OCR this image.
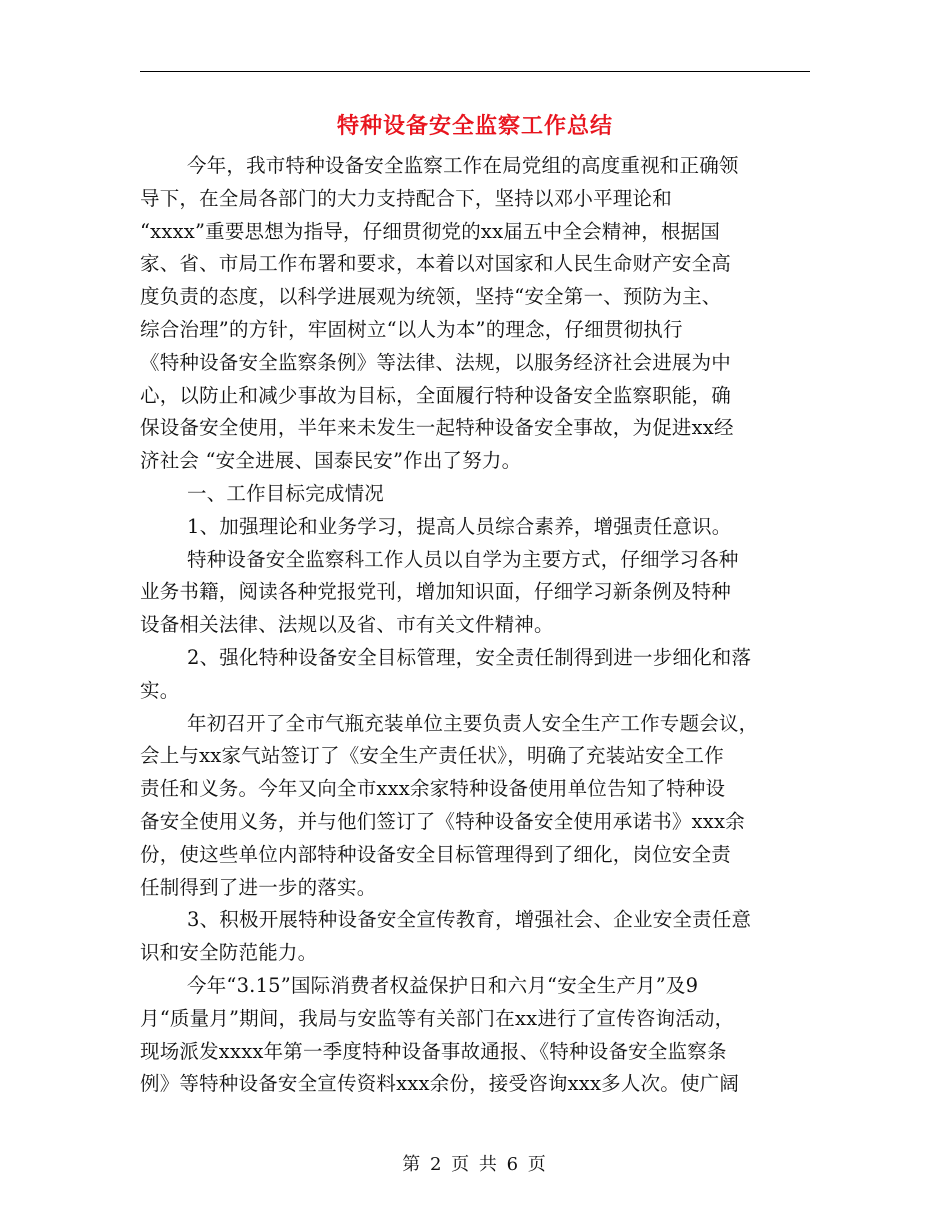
特种设备安全监察工作总结
今年，我市特种设备安全监察工作在局党组的高度重视和正确领
导下，在全局各部门的大力支持配合下，坚持以邓小平理论和
“xxxx”重要思想为指导，仔细贯彻党的xx届五中全会精神，根据国
家、省、市局工作布署和要求，本着以对国家和人民生命财产安全高
度负责的态度，以科学进展观为统领，坚持“安全第一、预防为主、
综合治理”的方针，牢固树立“以人为本”的理念，仔细贯彻执行
《特种设备安全监察条例》等法律、法规，以服务经济社会进展为中
心，以防止和减少事故为目标，全面履行特种设备安全监察职能，确
保设备安全使用，半年来未发生一起特种设备安全事故，为促进xx经
济社会 “安全进展、国泰民安”作出了努力。
一、工作目标完成情况
1、加强理论和业务学习，提高人员综合素养，增强责任意识。
特种设备安全监察科工作人员以自学为主要方式，仔细学习各种
业务书籍，阅读各种党报党刊，增加知识面，仔细学习新条例及特种
设备相关法律、法规以及省、市有关文件精神。
2、强化特种设备安全目标管理，安全责任制得到进一步细化和落
实。
年初召开了全市气瓶充装单位主要负责人安全生产工作专题会议，
会上与xx家气站签订了《安全生产责任状》，明确了充装站安全工作
责任和义务。今年又向全市xxx余家特种设备使用单位告知了特种设
备安全使用义务，并与他们签订了《特种设备安全使用承诺书》xxx余
份，使这些单位内部特种设备安全目标管理得到了细化，岗位安全责
任制得到了进一步的落实。
3、积极开展特种设备安全宣传教育，增强社会、企业安全责任意
识和安全防范能力。
今年“3.15”国际消费者权益保护日和六月“安全生产月”及9
月“质量月”期间，我局与安监等有关部门在xx进行了宣传咨询活动，
现场派发xxxx年第一季度特种设备事故通报、《特种设备安全监察条
例》等特种设备安全宣传资料xxx余份，接受咨询xxx多人次。使广阔
第 2 页 共 6 页
